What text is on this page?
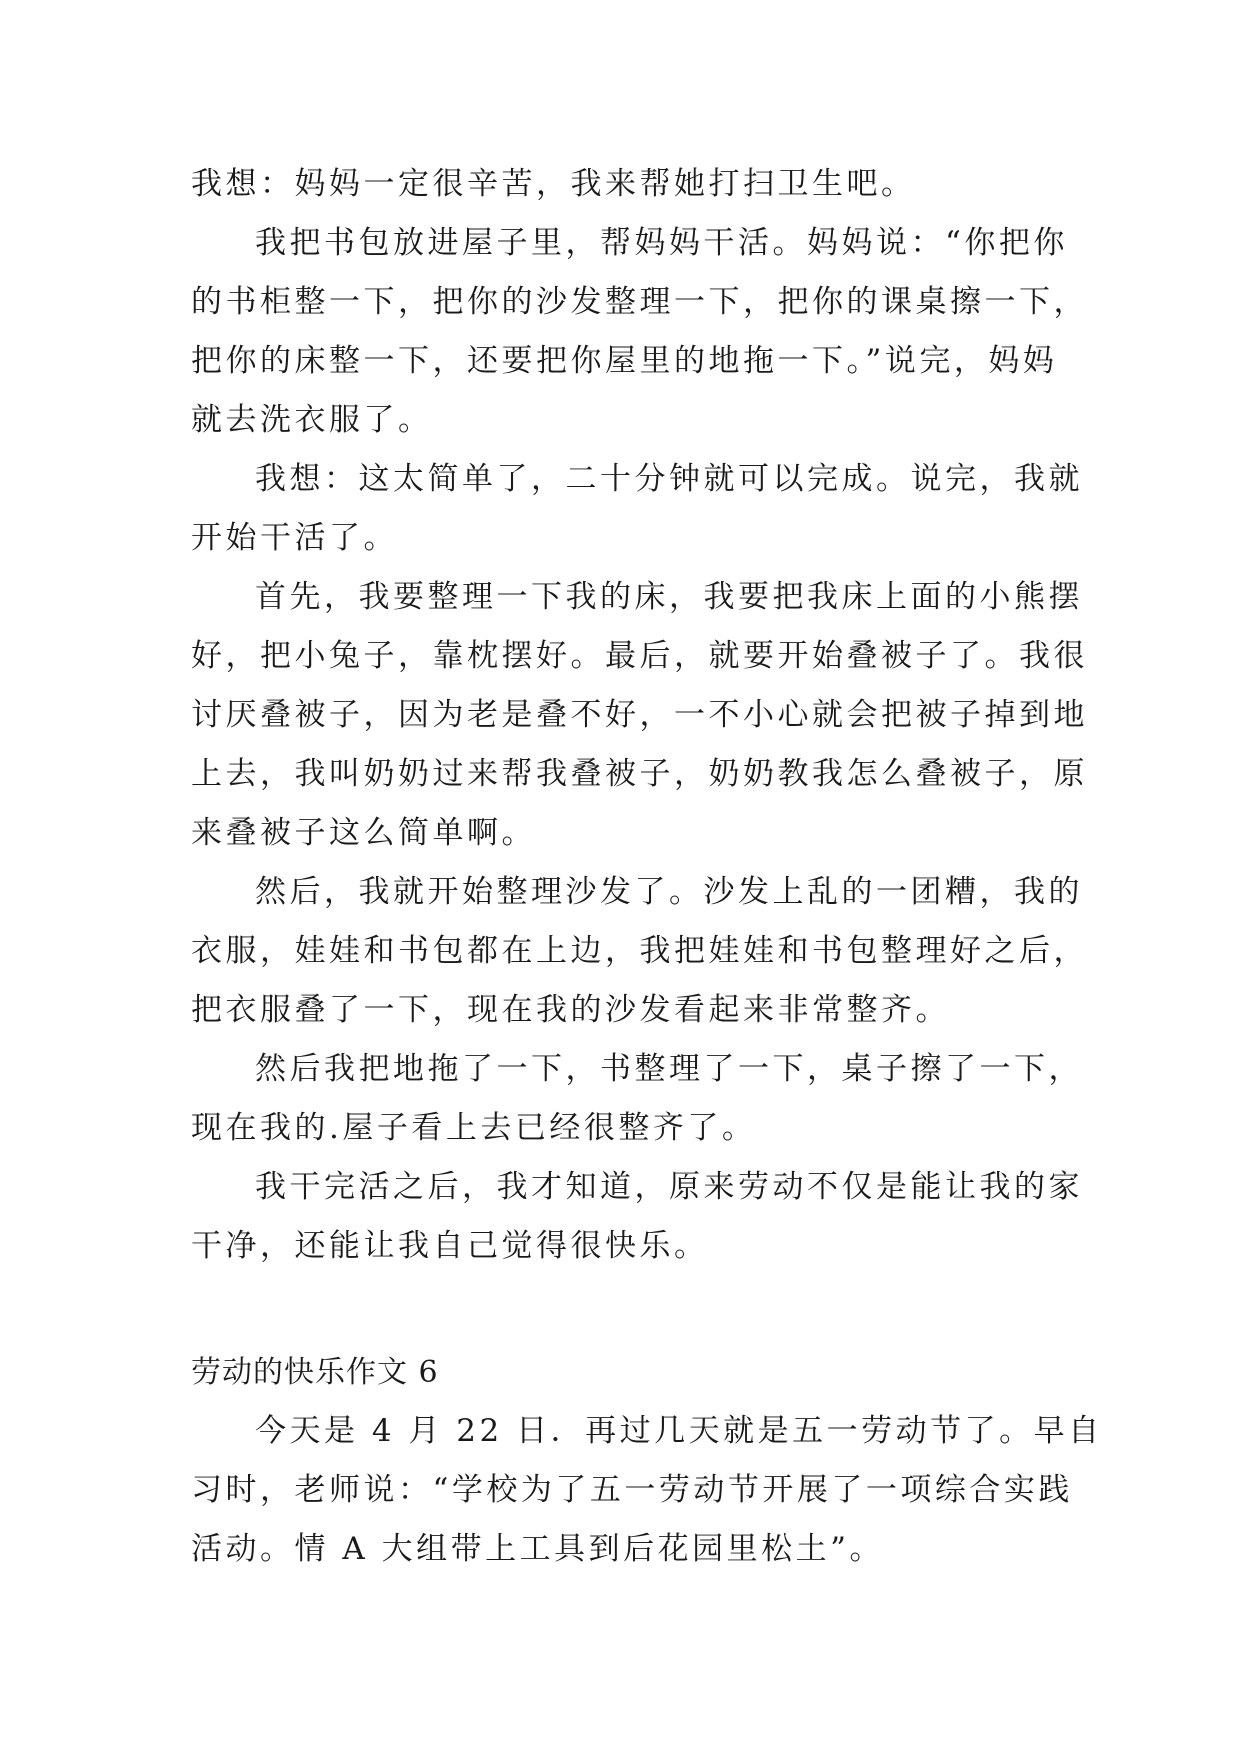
我想：妈妈一定很辛苦，我来帮她打扫卫生吧。
我把书包放进屋子里，帮妈妈干活。妈妈说：“你把你
的书柜整一下，把你的沙发整理一下，把你的课桌擦一下，
把你的床整一下，还要把你屋里的地拖一下。”说完，妈妈
就去洗衣服了。
我想：这太简单了，二十分钟就可以完成。说完，我就
开始干活了。
首先，我要整理一下我的床，我要把我床上面的小熊摆
好，把小兔子，靠枕摆好。最后，就要开始叠被子了。我很
讨厌叠被子，因为老是叠不好，一不小心就会把被子掉到地
上去，我叫奶奶过来帮我叠被子，奶奶教我怎么叠被子，原
来叠被子这么简单啊。
然后，我就开始整理沙发了。沙发上乱的一团糟，我的
衣服，娃娃和书包都在上边，我把娃娃和书包整理好之后，
把衣服叠了一下，现在我的沙发看起来非常整齐。
然后我把地拖了一下，书整理了一下，桌子擦了一下，
现在我的.屋子看上去已经很整齐了。
我干完活之后，我才知道，原来劳动不仅是能让我的家
干净，还能让我自己觉得很快乐。
劳动的快乐作文 6
今天是 4 月 22 日．再过几天就是五一劳动节了。早自
习时，老师说：“学校为了五一劳动节开展了一项综合实践
活动。情 A 大组带上工具到后花园里松土”。
